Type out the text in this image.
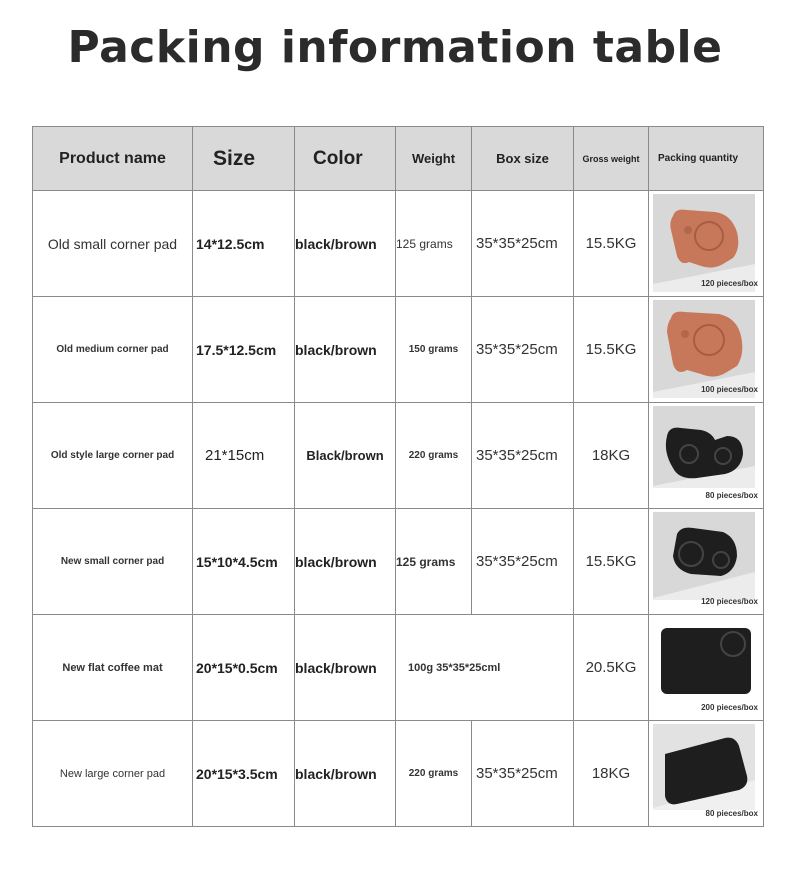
Packing information table
Product name	Size	Color	Weight	Box size	Gross weight	Packing quantity
Old small corner pad	14*12.5cm	black/brown	125 grams	35*35*25cm	15.5KG	120 pieces/box

Old medium corner pad	17.5*12.5cm	black/brown	150 grams	35*35*25cm	15.5KG	100 pieces/box

Old style large corner pad	21*15cm	Black/brown	220 grams	35*35*25cm	18KG	80 pieces/box

New small corner pad	15*10*4.5cm	black/brown	125 grams	35*35*25cm	15.5KG	120 pieces/box

New flat coffee mat	20*15*0.5cm	black/brown	100g 35*35*25cml		20.5KG	200 pieces/box

New large corner pad	20*15*3.5cm	black/brown	220 grams	35*35*25cm	18KG	80 pieces/box
